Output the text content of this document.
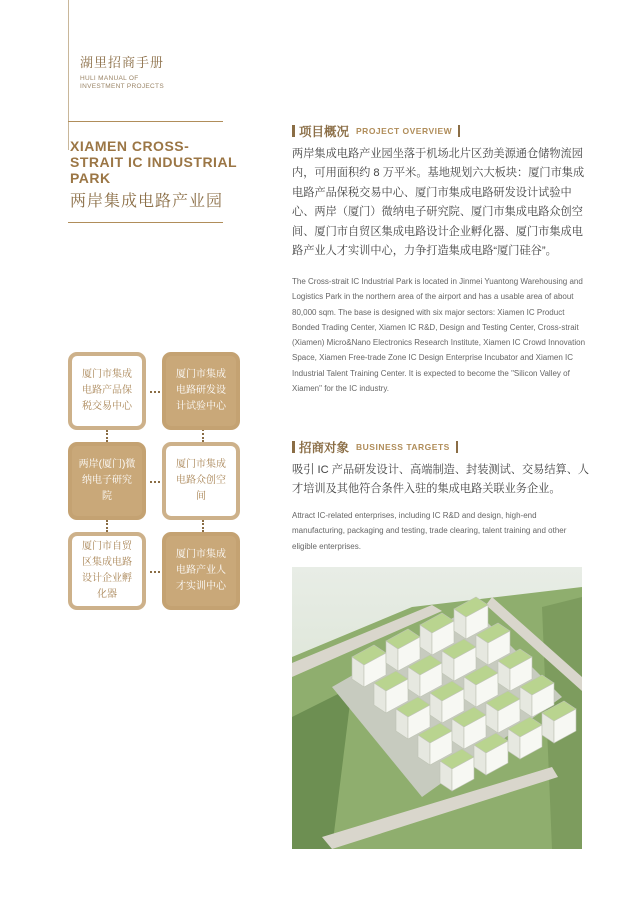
湖里招商手册
HULI MANUAL OF
INVESTMENT PROJECTS
XIAMEN CROSS-
STRAIT IC INDUSTRIAL
PARK
两岸集成电路产业园
项目概况 PROJECT OVERVIEW
两岸集成电路产业园坐落于机场北片区劲美源通仓储物流园内，可用面积约 8 万平米。基地规划六大板块：厦门市集成电路产品保税交易中心、厦门市集成电路研发设计试验中心、两岸（厦门）微纳电子研究院、厦门市集成电路众创空间、厦门市自贸区集成电路设计企业孵化器、厦门市集成电路产业人才实训中心，力争打造集成电路“厦门硅谷”。
The Cross-strait IC Industrial Park is located in Jinmei Yuantong Warehousing and Logistics Park in the northern area of the airport and has a usable area of about 80,000 sqm. The base is designed with six major sectors: Xiamen IC Product Bonded Trading Center, Xiamen IC R&D, Design and Testing Center, Cross-strait (Xiamen) Micro&Nano Electronics Research Institute, Xiamen IC Crowd Innovation Space, Xiamen Free-trade Zone IC Design Enterprise Incubator and Xiamen IC Industrial Talent Training Center. It is expected to become the "Silicon Valley of Xiamen" for the IC industry.
招商对象 BUSINESS TARGETS
吸引 IC 产品研发设计、高端制造、封装测试、交易结算、人才培训及其他符合条件入驻的集成电路关联业务企业。
Attract IC-related enterprises, including IC R&D and design, high-end manufacturing, packaging and testing, trade clearing, talent training and other eligible enterprises.
厦门市集成电路产品保税交易中心
厦门市集成电路研发设计试验中心
两岸(厦门)微纳电子研究院
厦门市集成电路众创空间
厦门市自贸区集成电路设计企业孵化器
厦门市集成电路产业人才实训中心
